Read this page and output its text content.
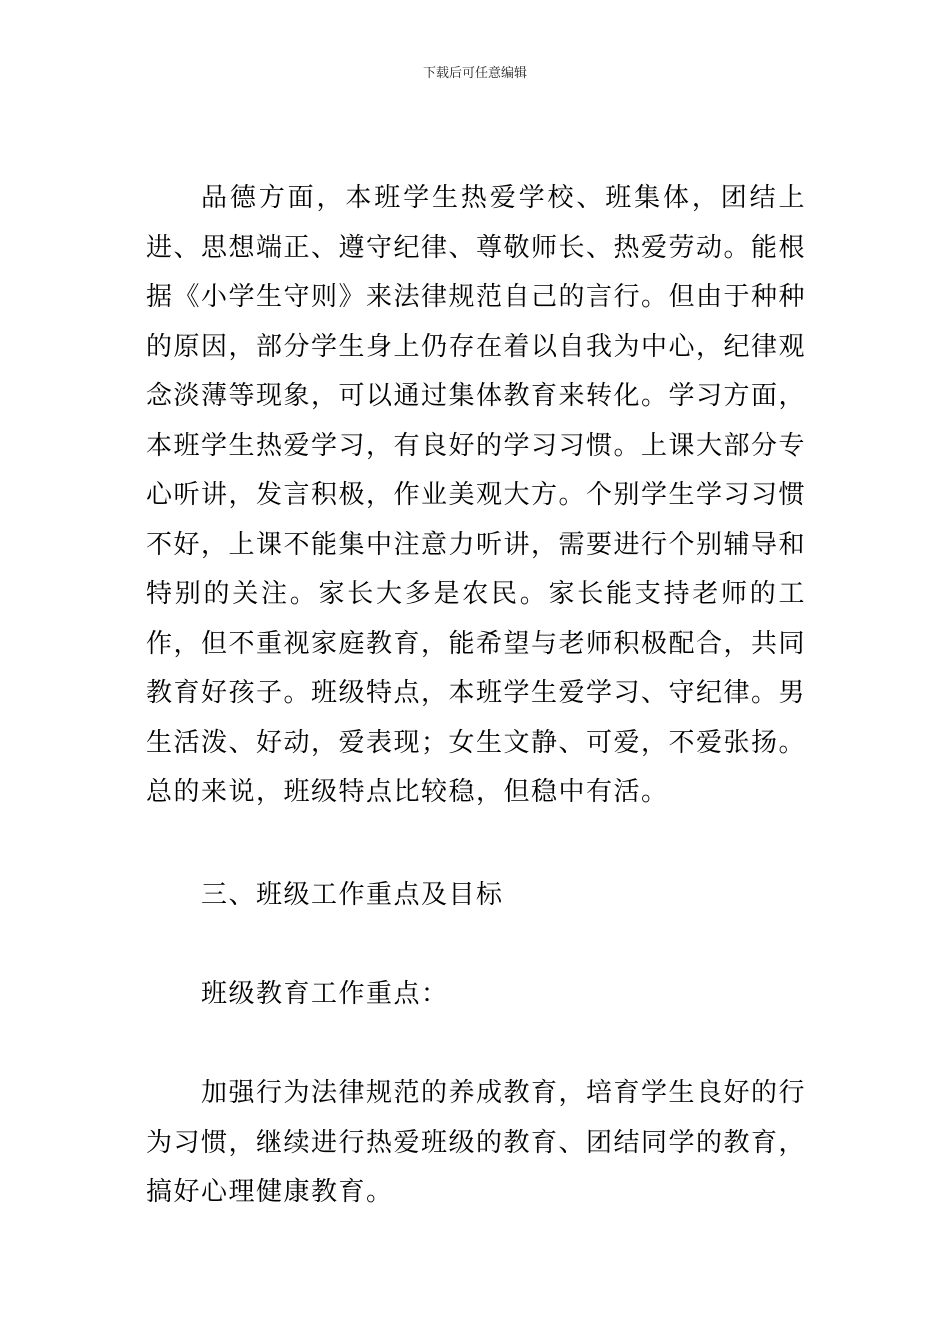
下载后可任意编辑

品德方面，本班学生热爱学校、班集体，团结上进、思想端正、遵守纪律、尊敬师长、热爱劳动。能根据《小学生守则》来法律规范自己的言行。但由于种种的原因，部分学生身上仍存在着以自我为中心，纪律观念淡薄等现象，可以通过集体教育来转化。学习方面，本班学生热爱学习，有良好的学习习惯。上课大部分专心听讲，发言积极，作业美观大方。个别学生学习习惯不好，上课不能集中注意力听讲，需要进行个别辅导和特别的关注。家长大多是农民。家长能支持老师的工作，但不重视家庭教育，能希望与老师积极配合，共同教育好孩子。班级特点，本班学生爱学习、守纪律。男生活泼、好动，爱表现；女生文静、可爱，不爱张扬。总的来说，班级特点比较稳，但稳中有活。

三、班级工作重点及目标

班级教育工作重点：

加强行为法律规范的养成教育，培育学生良好的行为习惯，继续进行热爱班级的教育、团结同学的教育，搞好心理健康教育。
